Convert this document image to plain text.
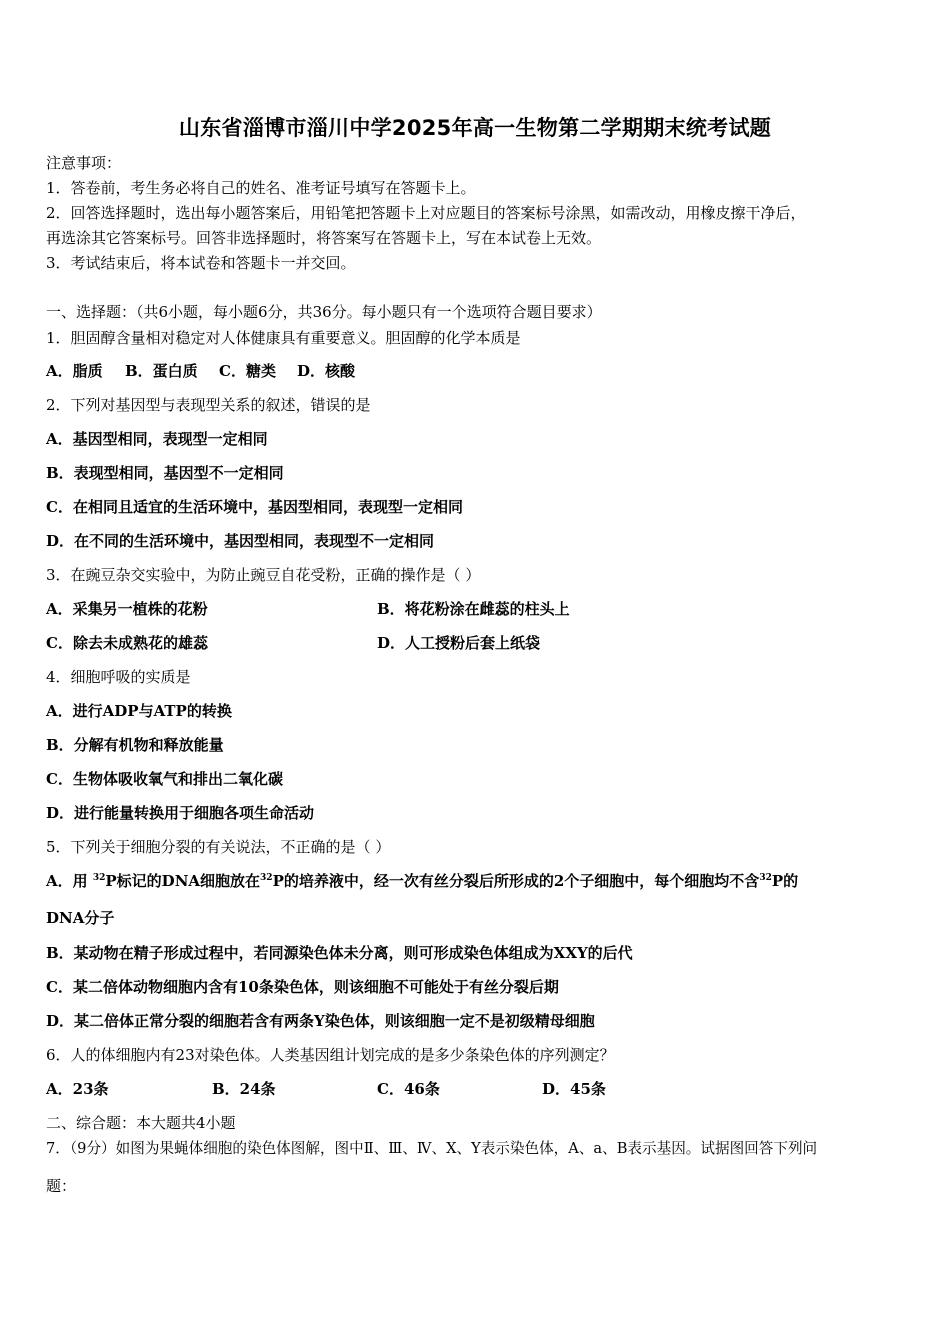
山东省淄博市淄川中学2025年高一生物第二学期期末统考试题
注意事项：
1．答卷前，考生务必将自己的姓名、准考证号填写在答题卡上。
2．回答选择题时，选出每小题答案后，用铅笔把答题卡上对应题目的答案标号涂黑，如需改动，用橡皮擦干净后，
再选涂其它答案标号。回答非选择题时，将答案写在答题卡上，写在本试卷上无效。
3．考试结束后，将本试卷和答题卡一并交回。
一、选择题：（共6小题，每小题6分，共36分。每小题只有一个选项符合题目要求）
1．胆固醇含量相对稳定对人体健康具有重要意义。胆固醇的化学本质是
A．脂质 B．蛋白质 C．糖类 D．核酸
2．下列对基因型与表现型关系的叙述，错误的是
A．基因型相同，表现型一定相同
B．表现型相同，基因型不一定相同
C．在相同且适宜的生活环境中，基因型相同，表现型一定相同
D．在不同的生活环境中，基因型相同，表现型不一定相同
3．在豌豆杂交实验中，为防止豌豆自花受粉，正确的操作是（ ）
A．采集另一植株的花粉	B．将花粉涂在雌蕊的柱头上
C．除去未成熟花的雄蕊	D．人工授粉后套上纸袋
4．细胞呼吸的实质是
A．进行ADP与ATP的转换
B．分解有机物和释放能量
C．生物体吸收氧气和排出二氧化碳
D．进行能量转换用于细胞各项生命活动
5．下列关于细胞分裂的有关说法，不正确的是（ ）
A．用 $^{32}$P标记的DNA细胞放在$^{32}$P的培养液中，经一次有丝分裂后所形成的2个子细胞中，每个细胞均不含$^{32}$P的
DNA分子
B．某动物在精子形成过程中，若同源染色体未分离，则可形成染色体组成为XXY的后代
C．某二倍体动物细胞内含有10条染色体，则该细胞不可能处于有丝分裂后期
D．某二倍体正常分裂的细胞若含有两条Y染色体，则该细胞一定不是初级精母细胞
6．人的体细胞内有23对染色体。人类基因组计划完成的是多少条染色体的序列测定？
A．23条	B．24条	C．46条	D．45条
二、综合题：本大题共4小题
7．（9分）如图为果蝇体细胞的染色体图解，图中Ⅱ、Ⅲ、Ⅳ、X、Y表示染色体，A、a、B表示基因。试据图回答下列问
题：
